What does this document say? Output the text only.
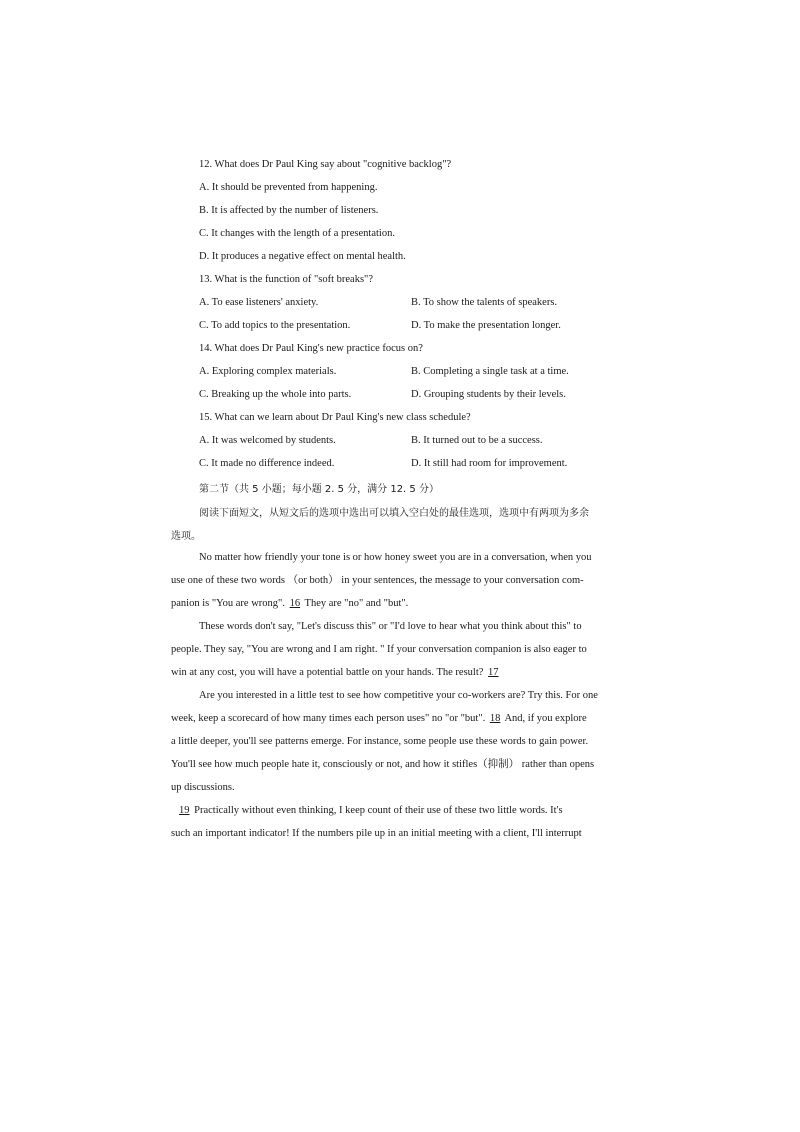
12. What does Dr Paul King say about "cognitive backlog"?
A. It should be prevented from happening.
B. It is affected by the number of listeners.
C. It changes with the length of a presentation.
D. It produces a negative effect on mental health.
13. What is the function of "soft breaks"?
A. To ease listeners' anxiety.	B. To show the talents of speakers.
C. To add topics to the presentation.	D. To make the presentation longer.
14. What does Dr Paul King's new practice focus on?
A. Exploring complex materials.	B. Completing a single task at a time.
C. Breaking up the whole into parts.	D. Grouping students by their levels.
15. What can we learn about Dr Paul King's new class schedule?
A. It was welcomed by students.	B. It turned out to be a success.
C. It made no difference indeed.	D. It still had room for improvement.
第二节（共 5 小题；每小题 2. 5 分，满分 12. 5 分）
阅读下面短文，从短文后的选项中选出可以填入空白处的最佳选项，选项中有两项为多余
选项。
No matter how friendly your tone is or how honey sweet you are in a conversation, when you
use one of these two words （or both） in your sentences, the message to your conversation com-
panion is "You are wrong". 16 They are "no" and "but".
These words don't say, "Let's discuss this" or "I'd love to hear what you think about this" to
people. They say, "You are wrong and I am right. " If your conversation companion is also eager to
win at any cost, you will have a potential battle on your hands. The result? 17
Are you interested in a little test to see how competitive your co-workers are? Try this. For one
week, keep a scorecard of how many times each person uses" no "or "but". 18 And, if you explore
a little deeper, you'll see patterns emerge. For instance, some people use these words to gain power.
You'll see how much people hate it, consciously or not, and how it stifles（抑制） rather than opens
up discussions.
19 Practically without even thinking, I keep count of their use of these two little words. It's
such an important indicator! If the numbers pile up in an initial meeting with a client, I'll interrupt
